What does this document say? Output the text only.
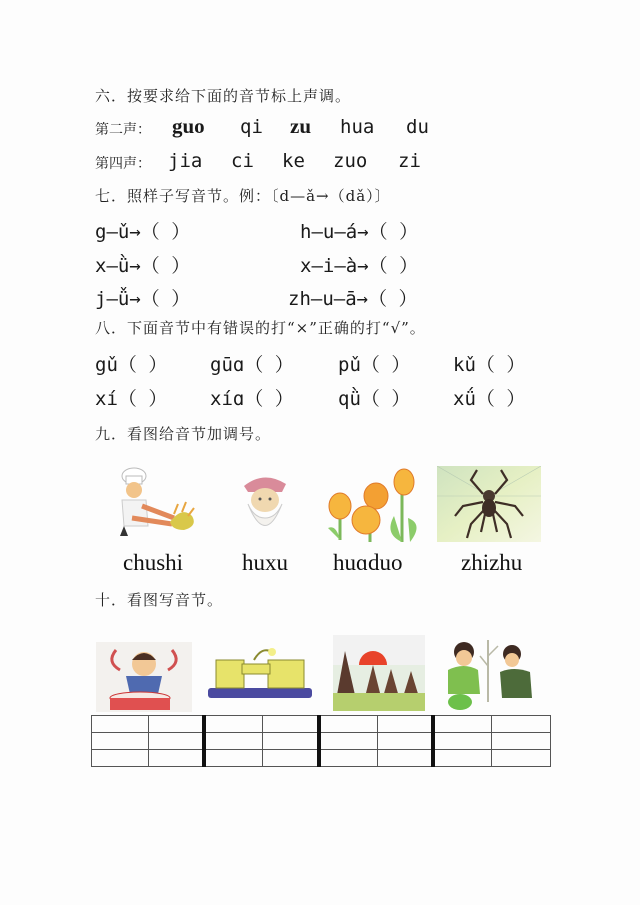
六．按要求给下面的音节标上声调。
第二声： guo qi zu hua du
第四声： jia ci ke zuo zi
七．照样子写音节。例：〔d—ǎ→（dǎ）〕
g—ǔ→（ ）	h—u—á→（ ）
x—ǜ→（ ）	x—i—à→（ ）
j—ǚ→（ ）	zh—u—ā→（ ）
八．下面音节中有错误的打“×”正确的打“√”。
gǔ（ ） gūɑ（ ） pǔ（ ） kǔ（ ）
xí（ ） xíɑ（ ） qǜ（ ） xǘ（ ）
九．看图给音节加调号。
chushi	huxu huɑduo	zhizhu
十．看图写音节。
